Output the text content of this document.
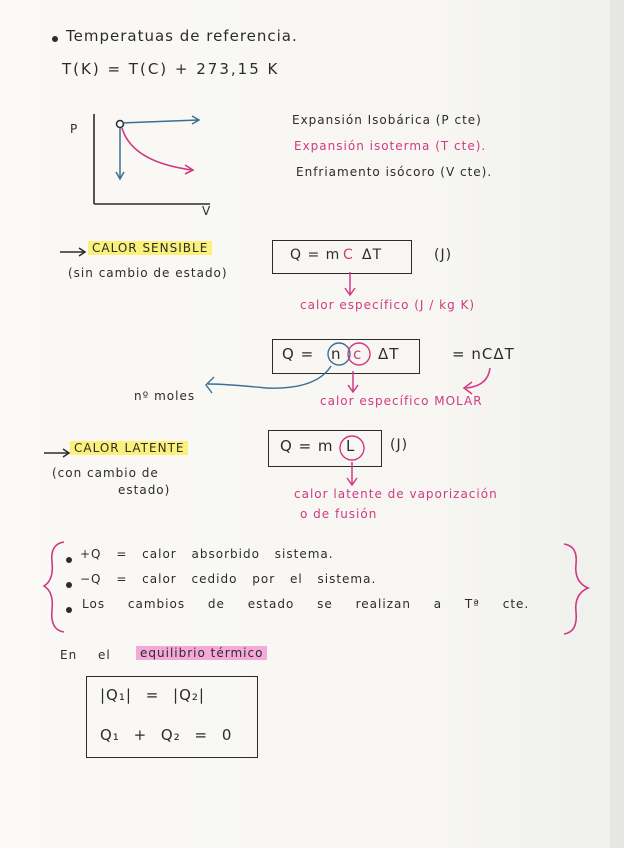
Temperatuas de referencia.
T(K) = T(C) + 273,15 K
P
V
Expansión Isobárica (P cte)
Expansión isoterma (T cte).
Enfriamento isócoro (V cte).
CALOR SENSIBLE
(sin cambio de estado)
Q = m C ΔT	(J)
calor específico (J / kg K)
Q = n c ΔT	= nCΔT
nº moles	calor específico MOLAR
CALOR LATENTE
(con cambio de
estado)
Q = m L (J)
calor latente de vaporización
o de fusión
+Q = calor absorbido sistema.
−Q = calor cedido por el sistema.
Los cambios de estado se realizan a Tª cte.
En el	equilibrio térmico
|Q₁| = |Q₂|
Q₁ + Q₂ = 0
